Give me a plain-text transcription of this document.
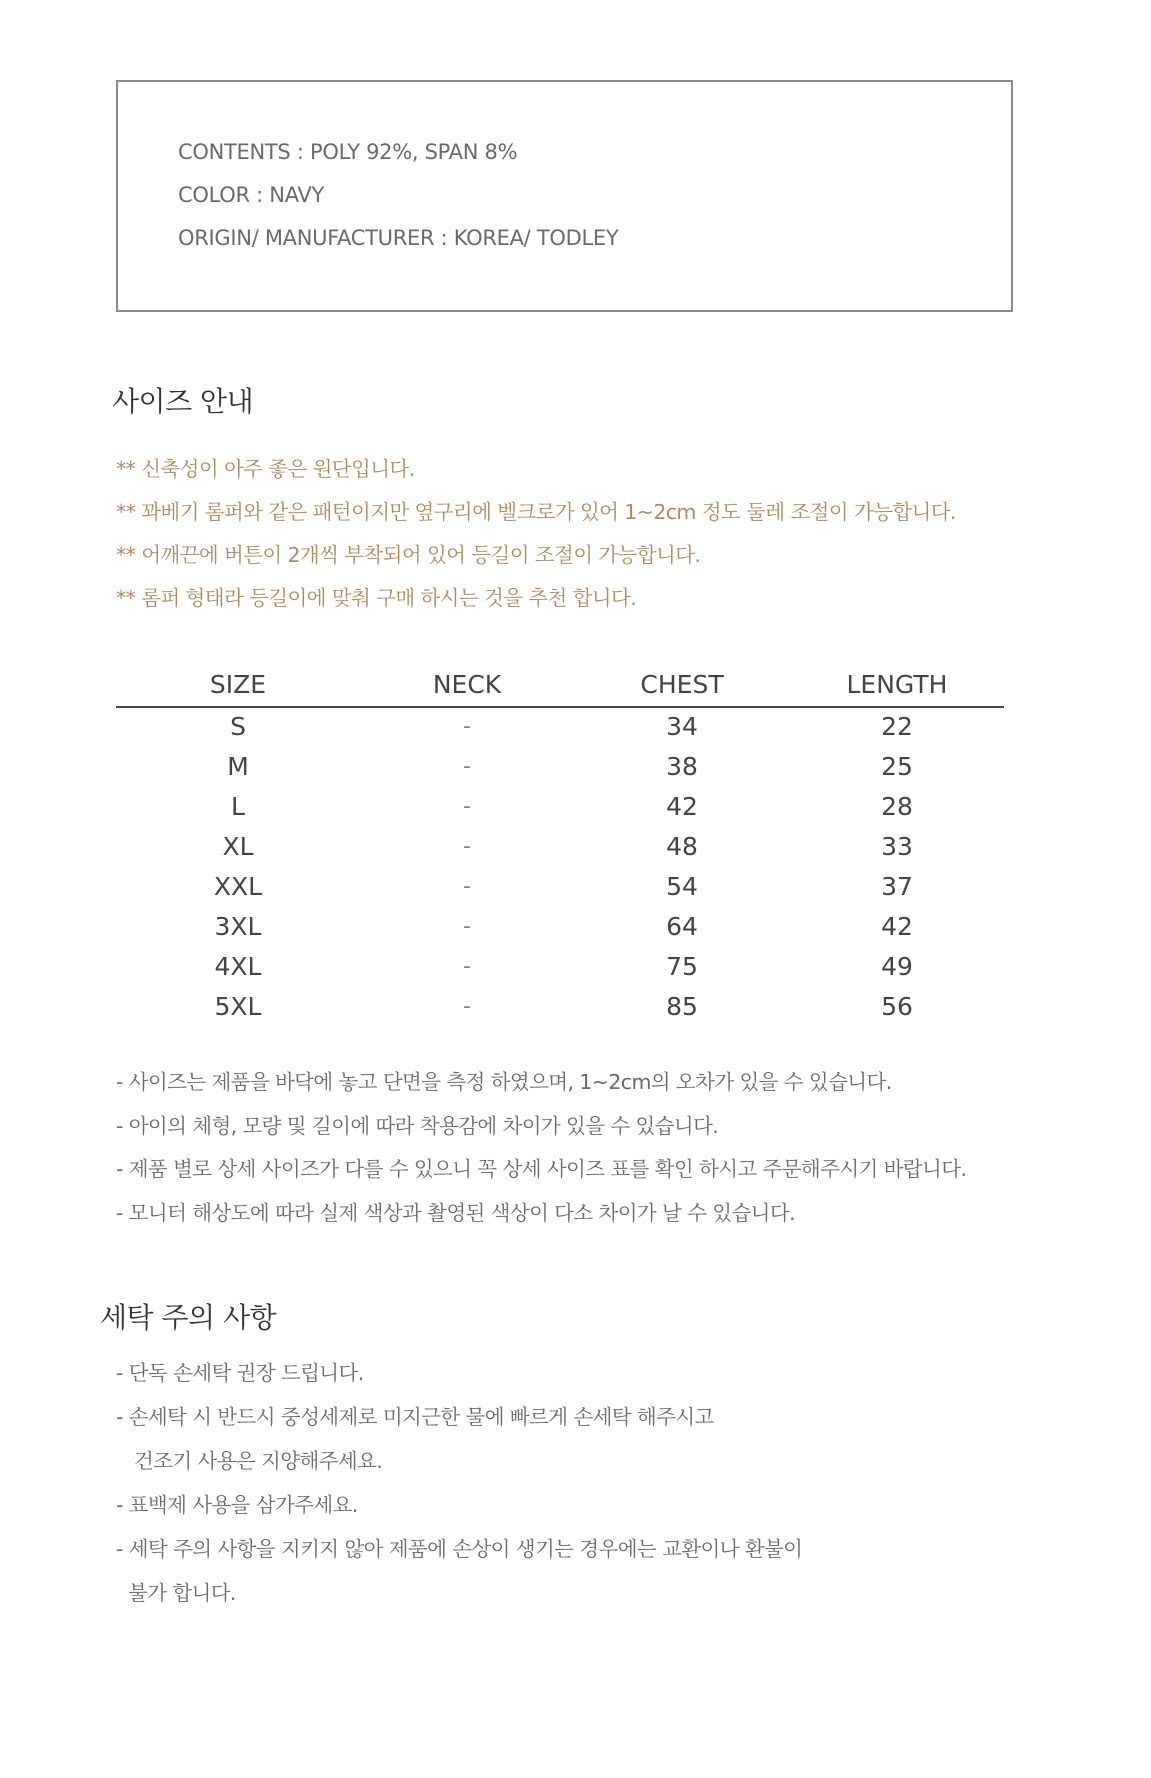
CONTENTS : POLY 92%, SPAN 8%
COLOR : NAVY
ORIGIN/ MANUFACTURER : KOREA/ TODLEY
사이즈 안내
** 신축성이 아주 좋은 원단입니다.
** 꽈베기 롬퍼와 같은 패턴이지만 옆구리에 벨크로가 있어 1~2cm 정도 둘레 조절이 가능합니다.
** 어깨끈에 버튼이 2개씩 부착되어 있어 등길이 조절이 가능합니다.
** 롬퍼 형태라 등길이에 맞춰 구매 하시는 것을 추천 합니다.
SIZE	NECK	CHEST	LENGTH
S	-	34	22
M	-	38	25
L	-	42	28
XL	-	48	33
XXL	-	54	37
3XL	-	64	42
4XL	-	75	49
5XL	-	85	56
- 사이즈는 제품을 바닥에 놓고 단면을 측정 하였으며, 1~2cm의 오차가 있을 수 있습니다.
- 아이의 체형, 모량 및 길이에 따라 착용감에 차이가 있을 수 있습니다.
- 제품 별로 상세 사이즈가 다를 수 있으니 꼭 상세 사이즈 표를 확인 하시고 주문해주시기 바랍니다.
- 모니터 해상도에 따라 실제 색상과 촬영된 색상이 다소 차이가 날 수 있습니다.
세탁 주의 사항
- 단독 손세탁 권장 드립니다.
- 손세탁 시 반드시 중성세제로 미지근한 물에 빠르게 손세탁 해주시고
건조기 사용은 지양해주세요.
- 표백제 사용을 삼가주세요.
- 세탁 주의 사항을 지키지 않아 제품에 손상이 생기는 경우에는 교환이나 환불이
불가 합니다.
